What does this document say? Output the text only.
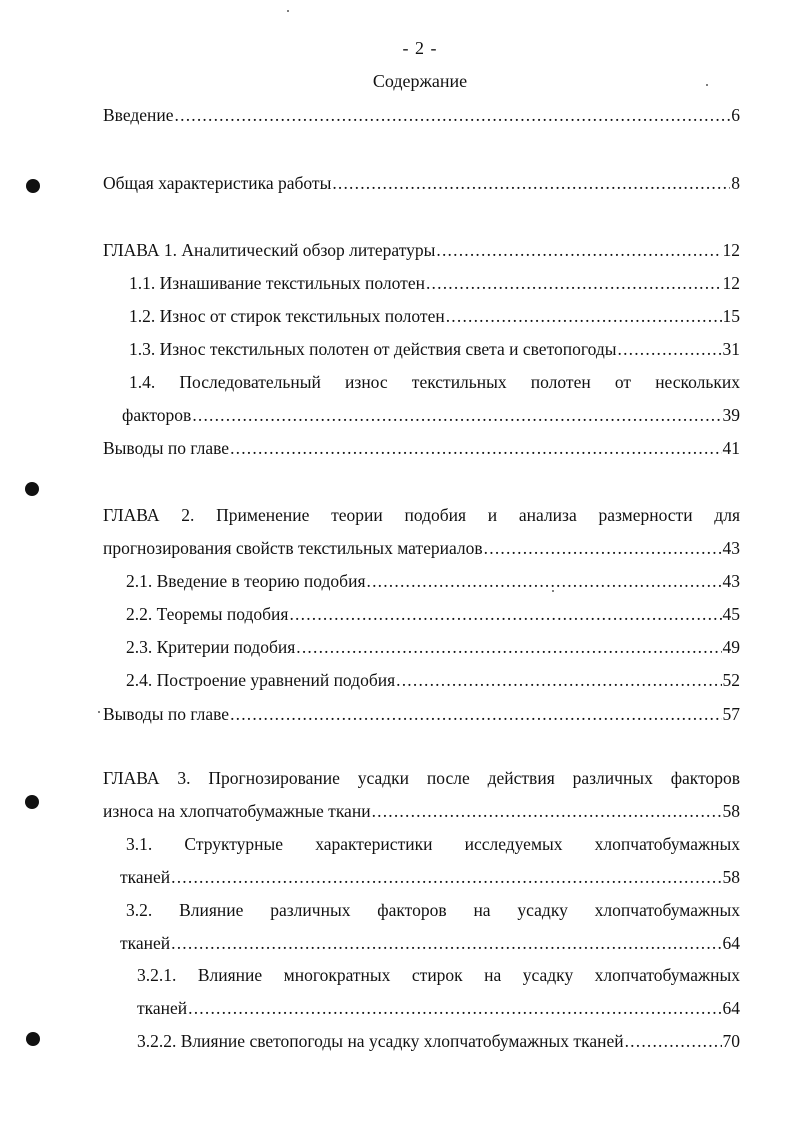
- 2 -
Содержание
Введение .....	6
Общая характеристика работы .....	8
ГЛАВА 1. Аналитический обзор литературы .....	12
1.1. Изнашивание текстильных полотен .....	12
1.2. Износ от стирок текстильных полотен .....	15
1.3. Износ текстильных полотен от действия света и светопогоды .....	31
1.4. Последовательный износ текстильных полотен от нескольких
факторов .....	39
Выводы по главе .....	41
ГЛАВА 2. Применение теории подобия и анализа размерности для
прогнозирования свойств текстильных материалов .....	43
2.1. Введение в теорию подобия .....	43
2.2. Теоремы подобия .....	45
2.3. Критерии подобия .....	49
2.4. Построение уравнений подобия .....	52
Выводы по главе .....	57
ГЛАВА 3. Прогнозирование усадки после действия различных факторов
износа на хлопчатобумажные ткани .....	58
3.1. Структурные характеристики исследуемых хлопчатобумажных
тканей .....	58
3.2. Влияние различных факторов на усадку хлопчатобумажных
тканей .....	64
3.2.1. Влияние многократных стирок на усадку хлопчатобумажных
тканей .....	64
3.2.2. Влияние светопогоды на усадку хлопчатобумажных тканей .....	70
